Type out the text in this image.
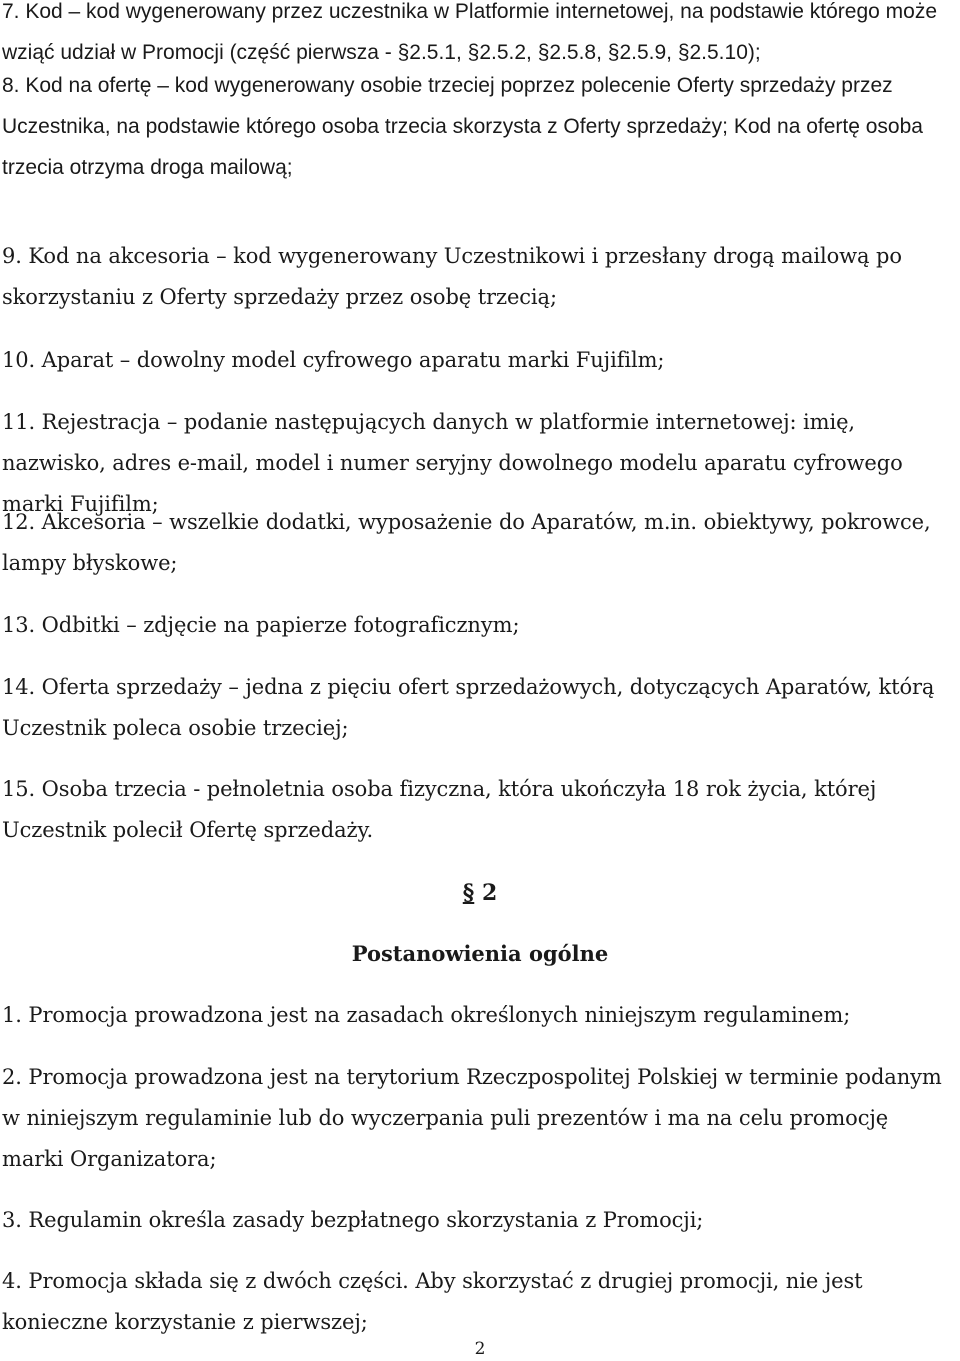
7. Kod – kod wygenerowany przez uczestnika w Platformie internetowej, na podstawie którego może wziąć udział w Promocji (część pierwsza - §2.5.1, §2.5.2, §2.5.8, §2.5.9, §2.5.10);
8. Kod na ofertę – kod wygenerowany osobie trzeciej poprzez polecenie Oferty sprzedaży przez Uczestnika, na podstawie którego osoba trzecia skorzysta z Oferty sprzedaży; Kod na ofertę osoba trzecia otrzyma droga mailową;
9. Kod na akcesoria – kod wygenerowany Uczestnikowi i przesłany drogą mailową po skorzystaniu z Oferty sprzedaży przez osobę trzecią;
10. Aparat – dowolny model cyfrowego aparatu marki Fujifilm;
11. Rejestracja – podanie następujących danych w platformie internetowej: imię, nazwisko, adres e-mail, model i numer seryjny dowolnego modelu aparatu cyfrowego marki Fujifilm;
12. Akcesoria – wszelkie dodatki, wyposażenie do Aparatów, m.in. obiektywy, pokrowce, lampy błyskowe;
13. Odbitki – zdjęcie na papierze fotograficznym;
14. Oferta sprzedaży – jedna z pięciu ofert sprzedażowych, dotyczących Aparatów, którą Uczestnik poleca osobie trzeciej;
15. Osoba trzecia - pełnoletnia osoba fizyczna, która ukończyła 18 rok życia, której Uczestnik polecił Ofertę sprzedaży.
§ 2
Postanowienia ogólne
1. Promocja prowadzona jest na zasadach określonych niniejszym regulaminem;
2. Promocja prowadzona jest na terytorium Rzeczpospolitej Polskiej w terminie podanym w niniejszym regulaminie lub do wyczerpania puli prezentów i ma na celu promocję marki Organizatora;
3. Regulamin określa zasady bezpłatnego skorzystania z Promocji;
4. Promocja składa się z dwóch części. Aby skorzystać z drugiej promocji, nie jest konieczne korzystanie z pierwszej;
2
